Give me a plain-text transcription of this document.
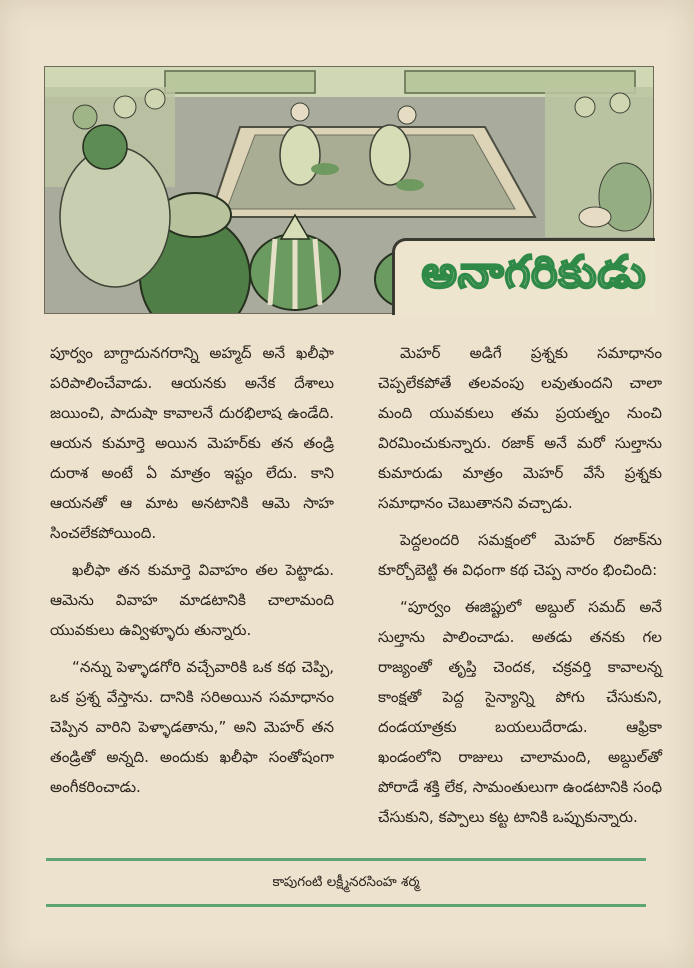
అనాగరికుడు

పూర్వం బాగ్దాదునగరాన్ని అహ్మద్ అనే ఖలీఫా పరిపాలించేవాడు. ఆయనకు అనేక దేశాలు జయించి, పాదుషా కావాలనే దురభిలాష ఉండేది. ఆయన కుమార్తె అయిన మెహర్‌కు తన తండ్రి దురాశ అంటే ఏ మాత్రం ఇష్టం లేదు. కాని ఆయనతో ఆ మాట అనటానికి ఆమె సాహ సించలేకపోయింది.

ఖలీఫా తన కుమార్తె వివాహం తల పెట్టాడు. ఆమెను వివాహ మాడటానికి చాలామంది యువకులు ఉవ్విళ్ళూరు తున్నారు.

“నన్ను పెళ్ళాడగోరి వచ్చేవారికి ఒక కథ చెప్పి, ఒక ప్రశ్న వేస్తాను. దానికి సరిఅయిన సమాధానం చెప్పిన వారిని పెళ్ళాడతాను,” అని మెహర్ తన తండ్రితో అన్నది. అందుకు ఖలీఫా సంతోషంగా అంగీకరించాడు.

మెహర్ అడిగే ప్రశ్నకు సమాధానం చెప్పలేకపోతే తలవంపు లవుతుందని చాలా మంది యువకులు తమ ప్రయత్నం నుంచి విరమించుకున్నారు. రజాక్ అనే మరో సుల్తాను కుమారుడు మాత్రం మెహర్ వేసే ప్రశ్నకు సమాధానం చెబుతానని వచ్చాడు.

పెద్దలందరి సమక్షంలో మెహర్ రజాక్‌ను కూర్చోబెట్టి ఈ విధంగా కథ చెప్ప నారం భించింది:

“పూర్వం ఈజిప్టులో అబ్దుల్ సమద్ అనే సుల్తాను పాలించాడు. అతడు తనకు గల రాజ్యంతో తృప్తి చెందక, చక్రవర్తి కావాలన్న కాంక్షతో పెద్ద సైన్యాన్ని పోగు చేసుకుని, దండయాత్రకు బయలుదేరాడు. ఆఫ్రికా ఖండంలోని రాజులు చాలామంది, అబ్దుల్‌తో పోరాడే శక్తి లేక, సామంతులుగా ఉండటానికి సంధి చేసుకుని, కప్పాలు కట్ట టానికి ఒప్పుకున్నారు.

కాపుగంటి లక్ష్మీనరసింహ శర్మ
